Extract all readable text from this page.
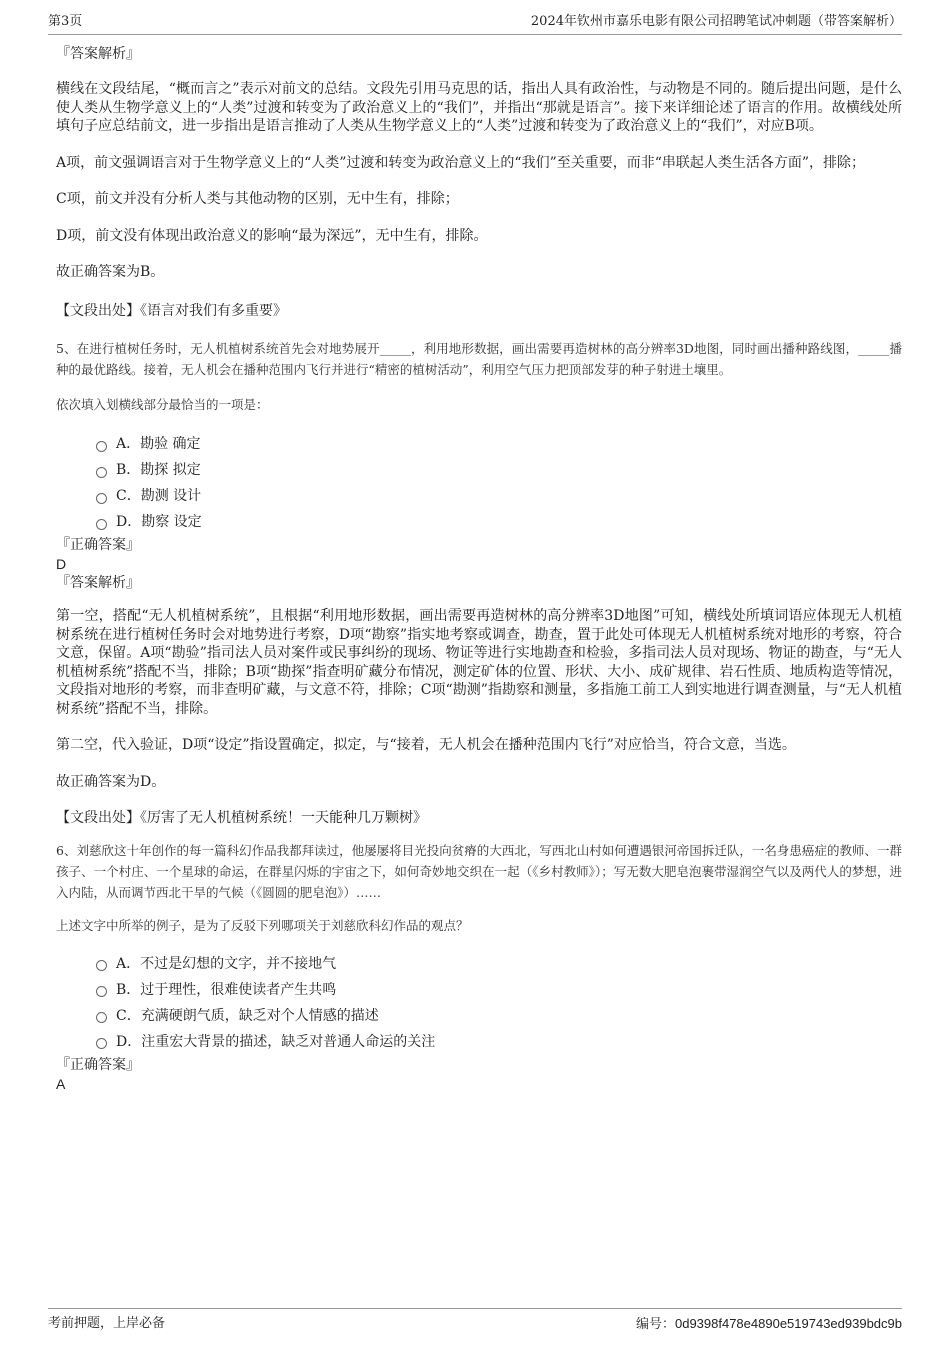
第3页	2024年钦州市嘉乐电影有限公司招聘笔试冲刺题（带答案解析）

『答案解析』

横线在文段结尾，“概而言之”表示对前文的总结。文段先引用马克思的话，指出人具有政治性，与动物是不同的。随后提出问题，是什么使人类从生物学意义上的“人类”过渡和转变为了政治意义上的“我们”，并指出“那就是语言”。接下来详细论述了语言的作用。故横线处所填句子应总结前文，进一步指出是语言推动了人类从生物学意义上的“人类”过渡和转变为了政治意义上的“我们”，对应B项。

A项，前文强调语言对于生物学意义上的“人类”过渡和转变为政治意义上的“我们”至关重要，而非“串联起人类生活各方面”，排除；

C项，前文并没有分析人类与其他动物的区别，无中生有，排除；

D项，前文没有体现出政治意义的影响“最为深远”，无中生有，排除。

故正确答案为B。

【文段出处】《语言对我们有多重要》

5、在进行植树任务时，无人机植树系统首先会对地势展开_____，利用地形数据，画出需要再造树林的高分辨率3D地图，同时画出播种路线图，_____播种的最优路线。接着，无人机会在播种范围内飞行并进行“精密的植树活动”，利用空气压力把顶部发芽的种子射进土壤里。

依次填入划横线部分最恰当的一项是：

A．勘验 确定
B．勘探 拟定
C．勘测 设计
D．勘察 设定

『正确答案』

D

『答案解析』

第一空，搭配“无人机植树系统”，且根据“利用地形数据，画出需要再造树林的高分辨率3D地图”可知，横线处所填词语应体现无人机植树系统在进行植树任务时会对地势进行考察，D项“勘察”指实地考察或调查，勘查，置于此处可体现无人机植树系统对地形的考察，符合文意，保留。A项“勘验”指司法人员对案件或民事纠纷的现场、物证等进行实地勘查和检验，多指司法人员对现场、物证的勘查，与“无人机植树系统”搭配不当，排除；B项“勘探”指查明矿藏分布情况，测定矿体的位置、形状、大小、成矿规律、岩石性质、地质构造等情况，文段指对地形的考察，而非查明矿藏，与文意不符，排除；C项“勘测”指勘察和测量，多指施工前工人到实地进行调查测量，与“无人机植树系统”搭配不当，排除。

第二空，代入验证，D项“设定”指设置确定，拟定，与“接着，无人机会在播种范围内飞行”对应恰当，符合文意，当选。

故正确答案为D。

【文段出处】《厉害了无人机植树系统！一天能种几万颗树》

6、刘慈欣这十年创作的每一篇科幻作品我都拜读过，他屡屡将目光投向贫瘠的大西北，写西北山村如何遭遇银河帝国拆迁队，一名身患癌症的教师、一群孩子、一个村庄、一个星球的命运，在群星闪烁的宇宙之下，如何奇妙地交织在一起（《乡村教师》）；写无数大肥皂泡裹带湿润空气以及两代人的梦想，进入内陆，从而调节西北干旱的气候（《圆圆的肥皂泡》）……

上述文字中所举的例子，是为了反驳下列哪项关于刘慈欣科幻作品的观点？

A．不过是幻想的文字，并不接地气
B．过于理性，很难使读者产生共鸣
C．充满硬朗气质，缺乏对个人情感的描述
D．注重宏大背景的描述，缺乏对普通人命运的关注

『正确答案』

A

考前押题，上岸必备	编号：0d9398f478e4890e519743ed939bdc9b
